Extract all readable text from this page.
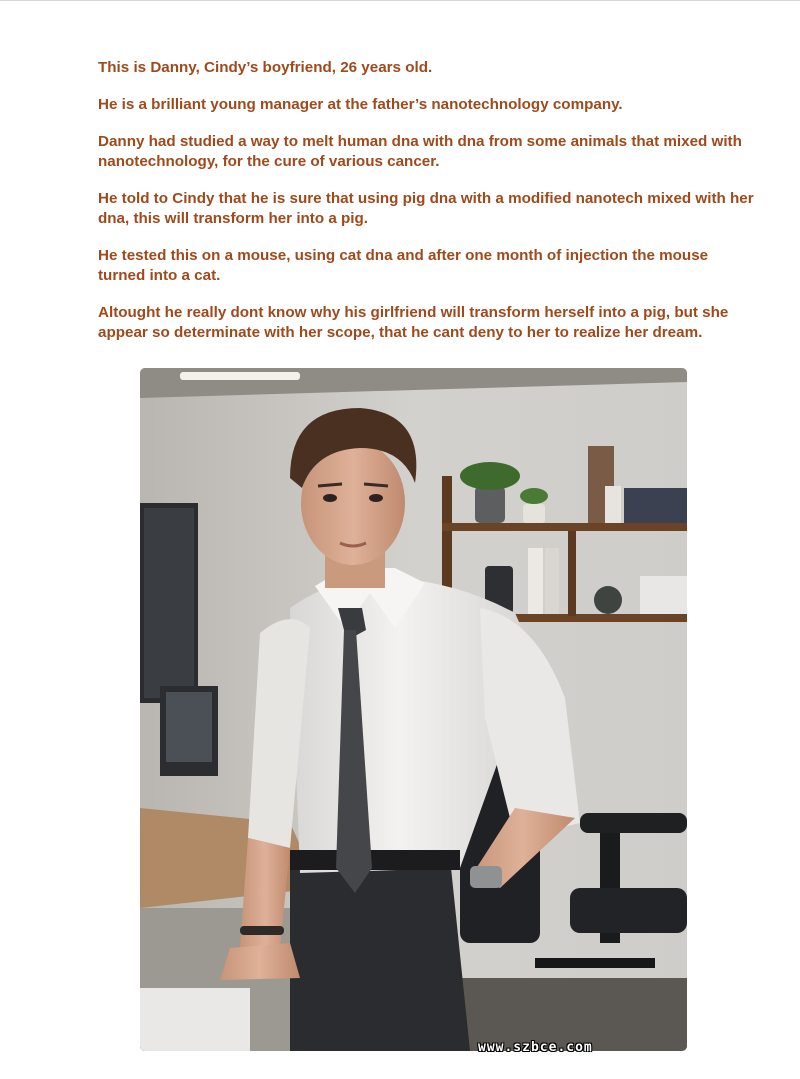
This is Danny, Cindy’s boyfriend, 26 years old.

He is a brilliant young manager at the father’s nanotechnology company.

Danny had studied a way to melt human dna with dna from some animals that mixed with nanotechnology, for the cure of various cancer.

He told to Cindy that he is sure that using pig dna with a modified nanotech mixed with her dna, this will transform her into a pig.

He tested this on a mouse, using cat dna and after one month of injection the mouse turned into a cat.

Altought he really dont know why his girlfriend will transform herself into a pig, but she appear so determinate with her scope, that he cant deny to her to realize her dream.

www.szbce.com
